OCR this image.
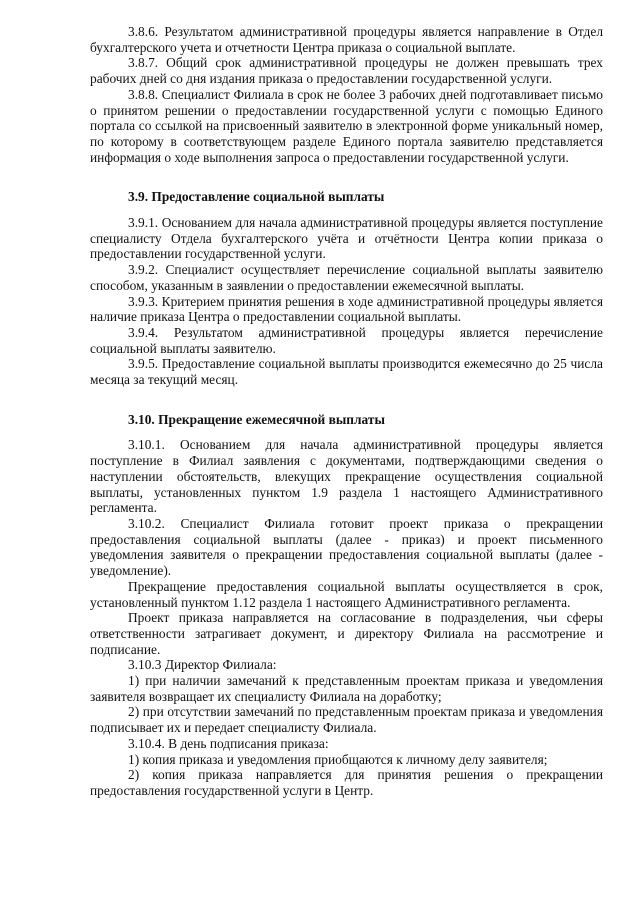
3.8.6. Результатом административной процедуры является направление в Отдел бухгалтерского учета и отчетности Центра приказа о социальной выплате.

3.8.7. Общий срок административной процедуры не должен превышать трех рабочих дней со дня издания приказа о предоставлении государственной услуги.

3.8.8. Специалист Филиала в срок не более 3 рабочих дней подготавливает письмо о принятом решении о предоставлении государственной услуги с помощью Единого портала со ссылкой на присвоенный заявителю в электронной форме уникальный номер, по которому в соответствующем разделе Единого портала заявителю представляется информация о ходе выполнения запроса о предоставлении государственной услуги.

3.9. Предоставление социальной выплаты

3.9.1. Основанием для начала административной процедуры является поступление специалисту Отдела бухгалтерского учёта и отчётности Центра копии приказа о предоставлении государственной услуги.

3.9.2. Специалист осуществляет перечисление социальной выплаты заявителю способом, указанным в заявлении о предоставлении ежемесячной выплаты.

3.9.3. Критерием принятия решения в ходе административной процедуры является наличие приказа Центра о предоставлении социальной выплаты.

3.9.4. Результатом административной процедуры является перечисление социальной выплаты заявителю.

3.9.5. Предоставление социальной выплаты производится ежемесячно до 25 числа месяца за текущий месяц.

3.10. Прекращение ежемесячной выплаты

3.10.1. Основанием для начала административной процедуры является поступление в Филиал заявления с документами, подтверждающими сведения о наступлении обстоятельств, влекущих прекращение осуществления социальной выплаты, установленных пунктом 1.9 раздела 1 настоящего Административного регламента.

3.10.2. Специалист Филиала готовит проект приказа о прекращении предоставления социальной выплаты (далее - приказ) и проект письменного уведомления заявителя о прекращении предоставления социальной выплаты (далее - уведомление).

Прекращение предоставления социальной выплаты осуществляется в срок, установленный пунктом 1.12 раздела 1 настоящего Административного регламента.

Проект приказа направляется на согласование в подразделения, чьи сферы ответственности затрагивает документ, и директору Филиала на рассмотрение и подписание.

3.10.3 Директор Филиала:

1) при наличии замечаний к представленным проектам приказа и уведомления заявителя возвращает их специалисту Филиала на доработку;

2) при отсутствии замечаний по представленным проектам приказа и уведомления подписывает их и передает специалисту Филиала.

3.10.4. В день подписания приказа:

1) копия приказа и уведомления приобщаются к личному делу заявителя;

2) копия приказа направляется для принятия решения о прекращении предоставления государственной услуги в Центр.
